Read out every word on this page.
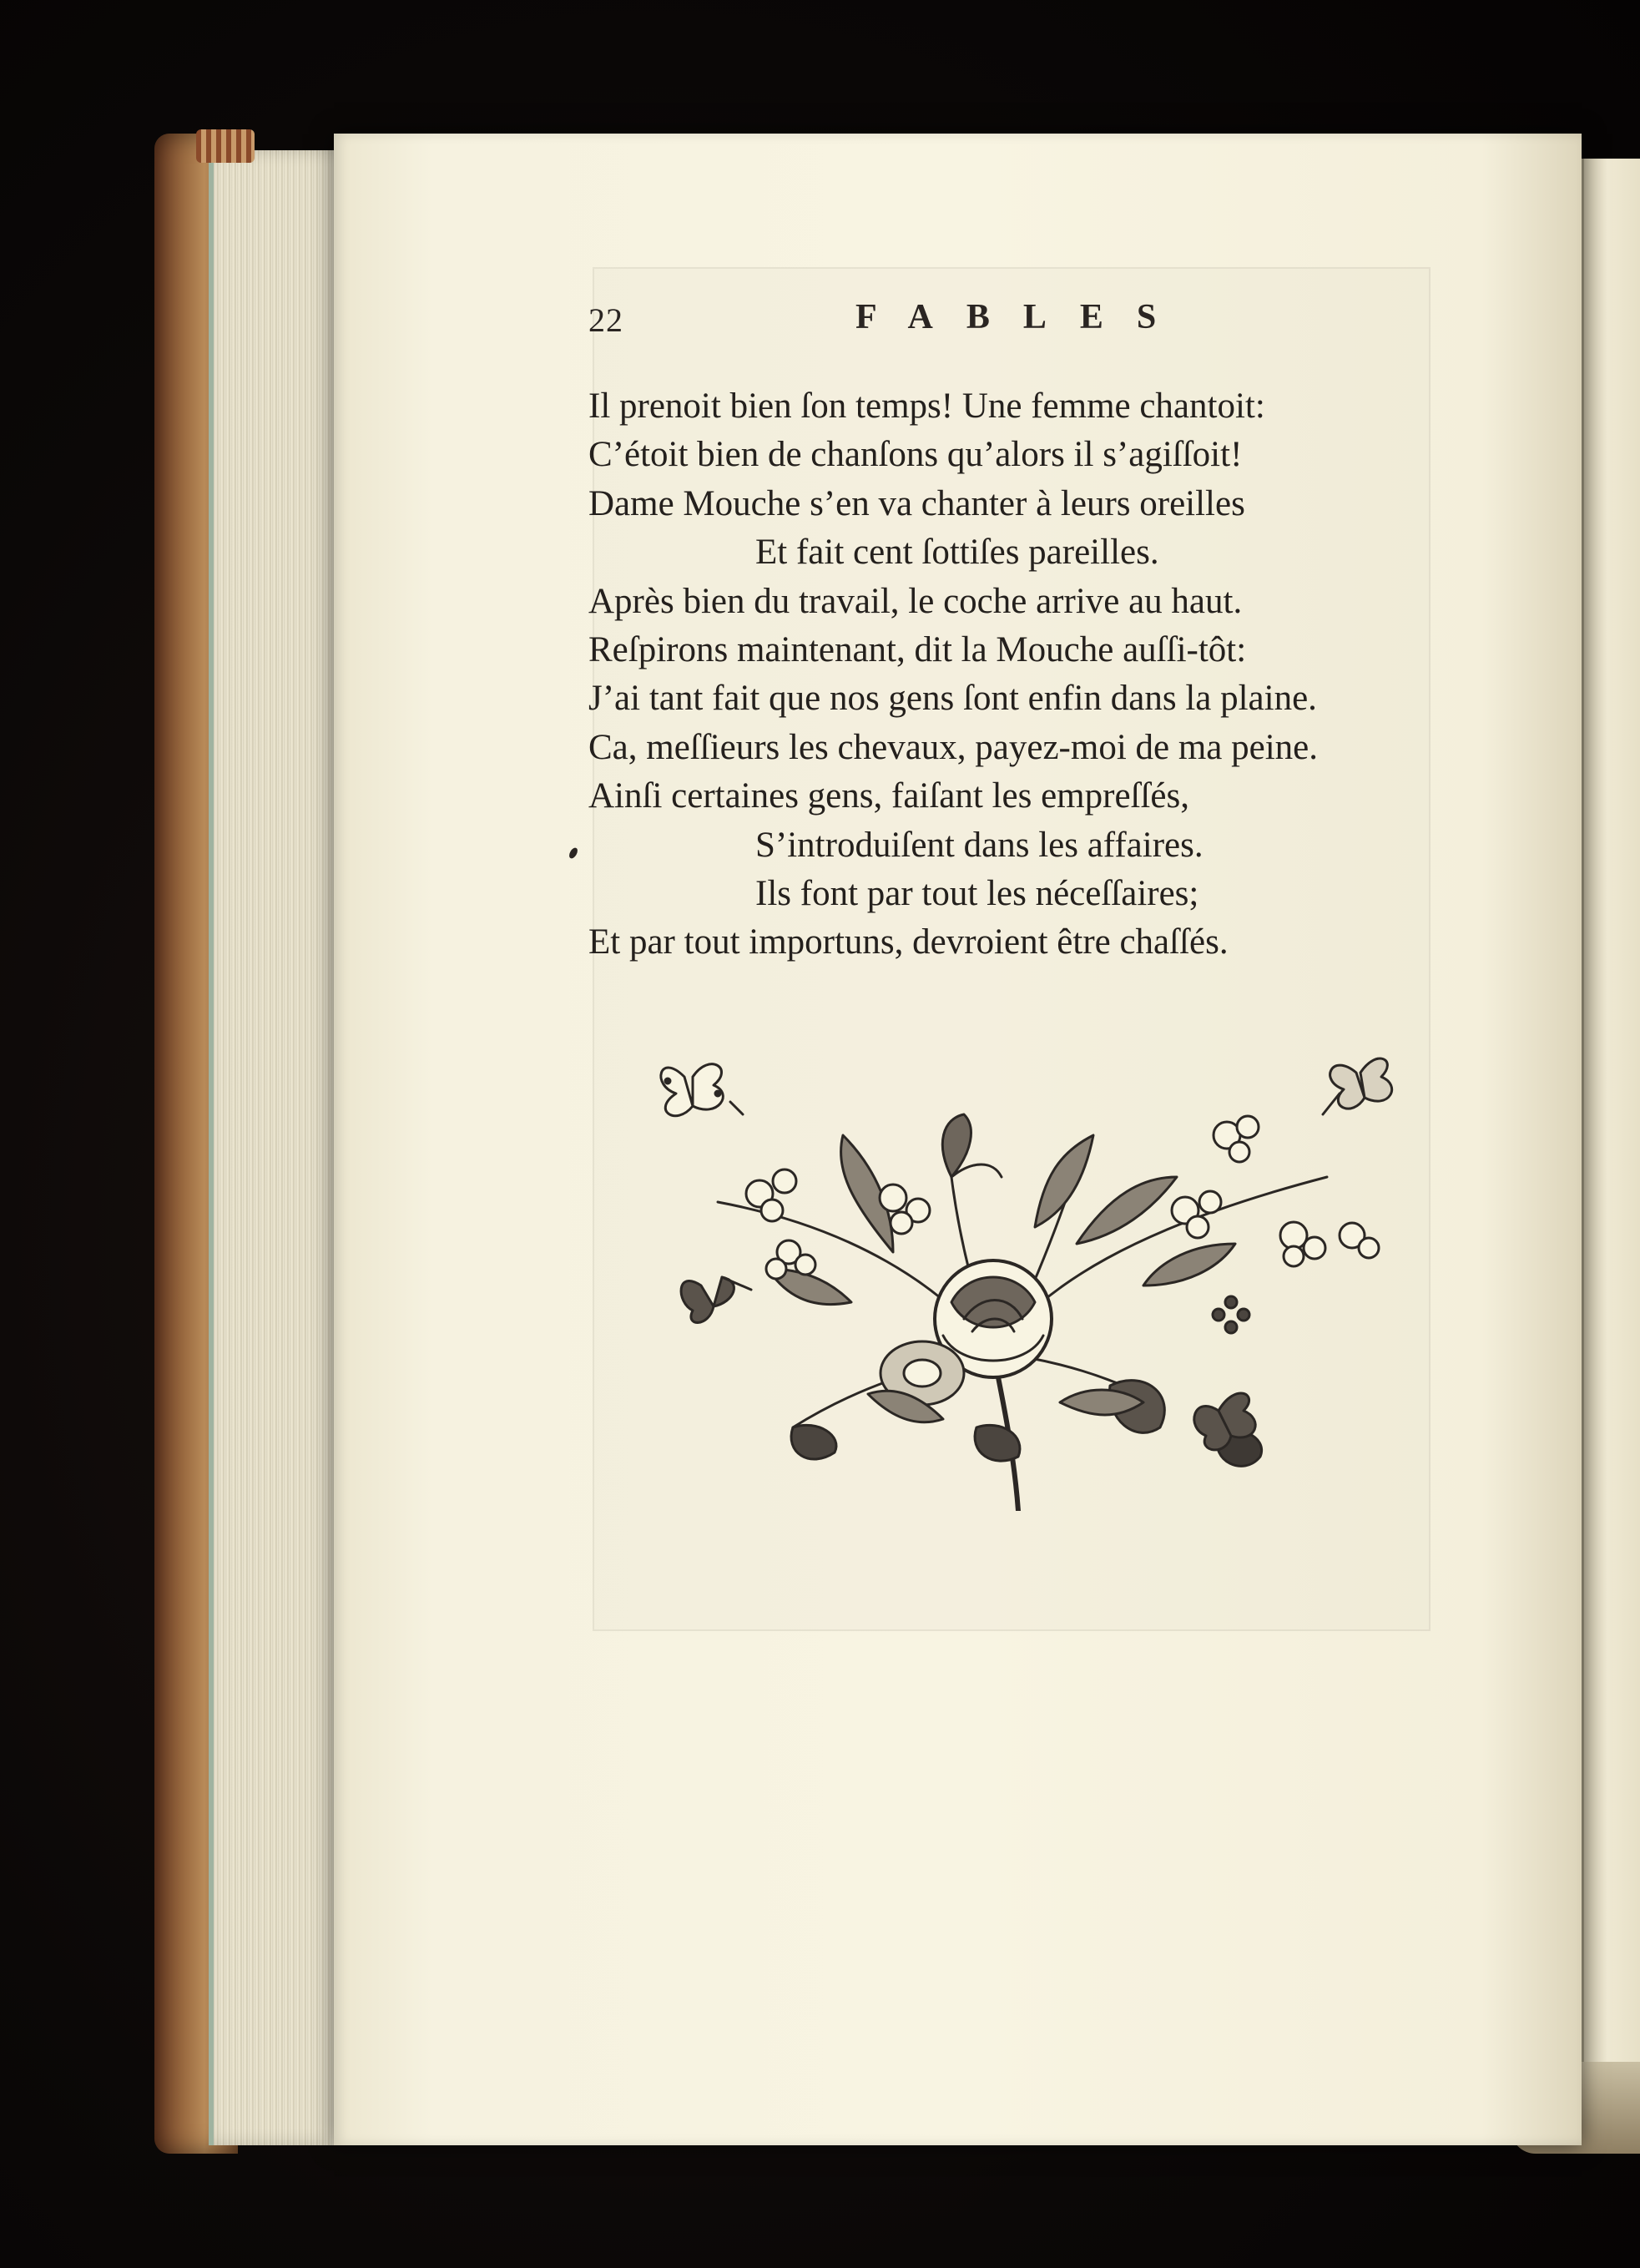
22	FABLES
Il prenoit bien ſon temps! Une femme chantoit:
C’étoit bien de chanſons qu’alors il s’agiſſoit!
Dame Mouche s’en va chanter à leurs oreilles
Et fait cent ſottiſes pareilles.
Après bien du travail, le coche arrive au haut.
Reſpirons maintenant, dit la Mouche auſſi-tôt:
J’ai tant fait que nos gens ſont enfin dans la plaine.
Ca, meſſieurs les chevaux, payez-moi de ma peine.
Ainſi certaines gens, faiſant les empreſſés,
S’introduiſent dans les affaires.
Ils font par tout les néceſſaires;
Et par tout importuns, devroient être chaſſés.
